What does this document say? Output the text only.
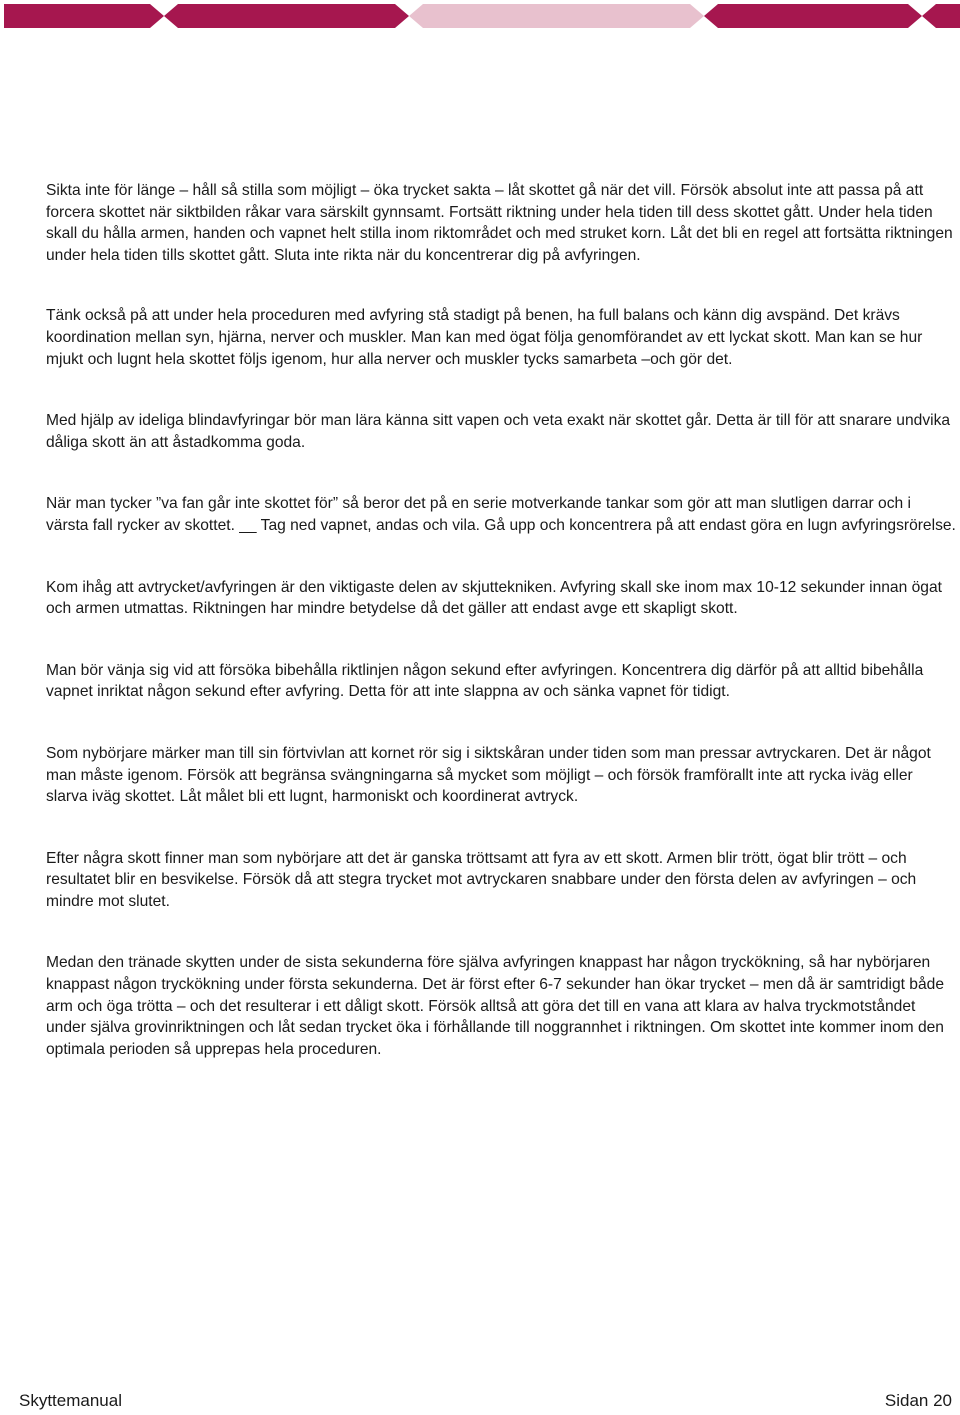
Sikta inte för länge – håll så stilla som möjligt – öka trycket sakta – låt skottet gå när det vill. Försök absolut inte att passa på att forcera skottet när siktbilden råkar vara särskilt gynnsamt. Fortsätt riktning under hela tiden till dess skottet gått. Under hela tiden skall du hålla armen, handen och vapnet helt stilla inom riktområdet och med struket korn. Låt det bli en regel att fortsätta riktningen under hela tiden tills skottet gått. Sluta inte rikta när du koncentrerar dig på avfyringen.

Tänk också på att under hela proceduren med avfyring stå stadigt på benen, ha full balans och känn dig avspänd. Det krävs koordination mellan syn, hjärna, nerver och muskler. Man kan med ögat följa genomförandet av ett lyckat skott. Man kan se hur mjukt och lugnt hela skottet följs igenom, hur alla nerver och muskler tycks samarbeta –och gör det.

Med hjälp av ideliga blindavfyringar bör man lära känna sitt vapen och veta exakt när skottet går. Detta är till för att snarare undvika dåliga skott än att åstadkomma goda.

När man tycker ”va fan går inte skottet för” så beror det på en serie motverkande tankar som gör att man slutligen darrar och i värsta fall rycker av skottet. __ Tag ned vapnet, andas och vila. Gå upp och koncentrera på att endast göra en lugn avfyringsrörelse.

Kom ihåg att avtrycket/avfyringen är den viktigaste delen av skjuttekniken. Avfyring skall ske inom max 10-12 sekunder innan ögat och armen utmattas. Riktningen har mindre betydelse då det gäller att endast avge ett skapligt skott.

Man bör vänja sig vid att försöka bibehålla riktlinjen någon sekund efter avfyringen. Koncentrera dig därför på att alltid bibehålla vapnet inriktat någon sekund efter avfyring. Detta för att inte slappna av och sänka vapnet för tidigt.

Som nybörjare märker man till sin förtvivlan att kornet rör sig i siktskåran under tiden som man pressar avtryckaren. Det är något man måste igenom. Försök att begränsa svängningarna så mycket som möjligt – och försök framförallt inte att rycka iväg eller slarva iväg skottet. Låt målet bli ett lugnt, harmoniskt och koordinerat avtryck.

Efter några skott finner man som nybörjare att det är ganska tröttsamt att fyra av ett skott. Armen blir trött, ögat blir trött – och resultatet blir en besvikelse. Försök då att stegra trycket mot avtryckaren snabbare under den första delen av avfyringen – och mindre mot slutet.

Medan den tränade skytten under de sista sekunderna före själva avfyringen knappast har någon tryckökning, så har nybörjaren knappast någon tryckökning under första sekunderna. Det är först efter 6-7 sekunder han ökar trycket – men då är samtridigt både arm och öga trötta – och det resulterar i ett dåligt skott. Försök alltså att göra det till en vana att klara av halva tryckmotståndet under själva grovinriktningen och låt sedan trycket öka i förhållande till noggrannhet i riktningen. Om skottet inte kommer inom den optimala perioden så upprepas hela proceduren.

Skyttemanual	Sidan 20
